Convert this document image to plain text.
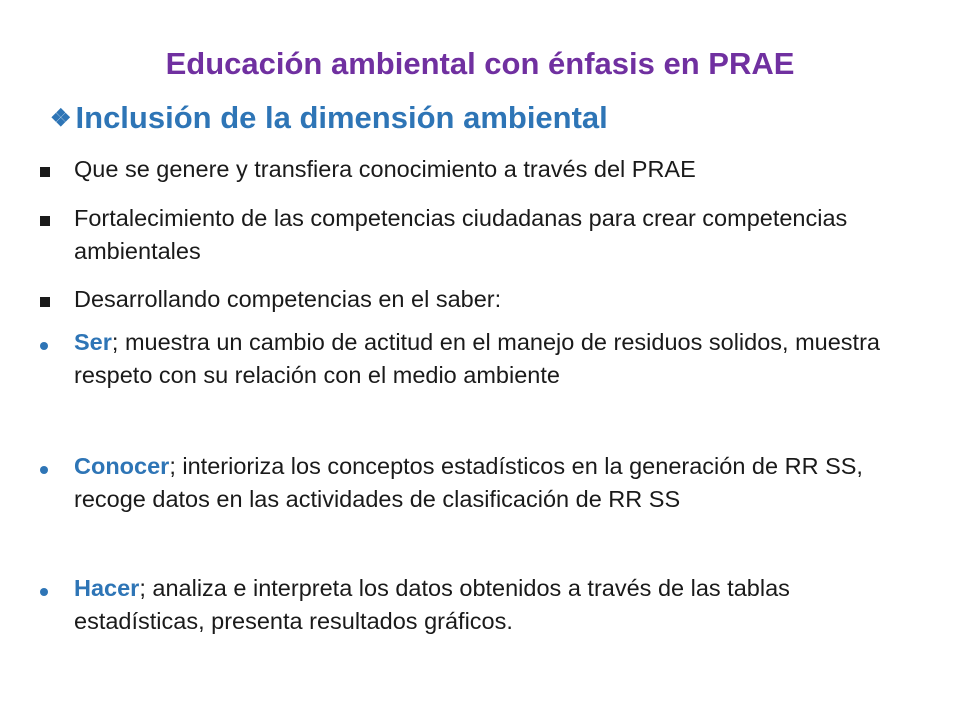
Educación ambiental con énfasis en PRAE
❖ Inclusión de la dimensión ambiental
Que se genere y transfiera conocimiento a través del PRAE
Fortalecimiento de las competencias ciudadanas para crear competencias ambientales
Desarrollando competencias en el saber:
Ser; muestra un cambio de actitud en el manejo de residuos solidos, muestra respeto con su relación con el medio ambiente
Conocer; interioriza los conceptos estadísticos en la generación de RR SS, recoge datos en las actividades de clasificación de RR SS
Hacer; analiza e interpreta los datos obtenidos a través de las tablas estadísticas, presenta resultados gráficos.
